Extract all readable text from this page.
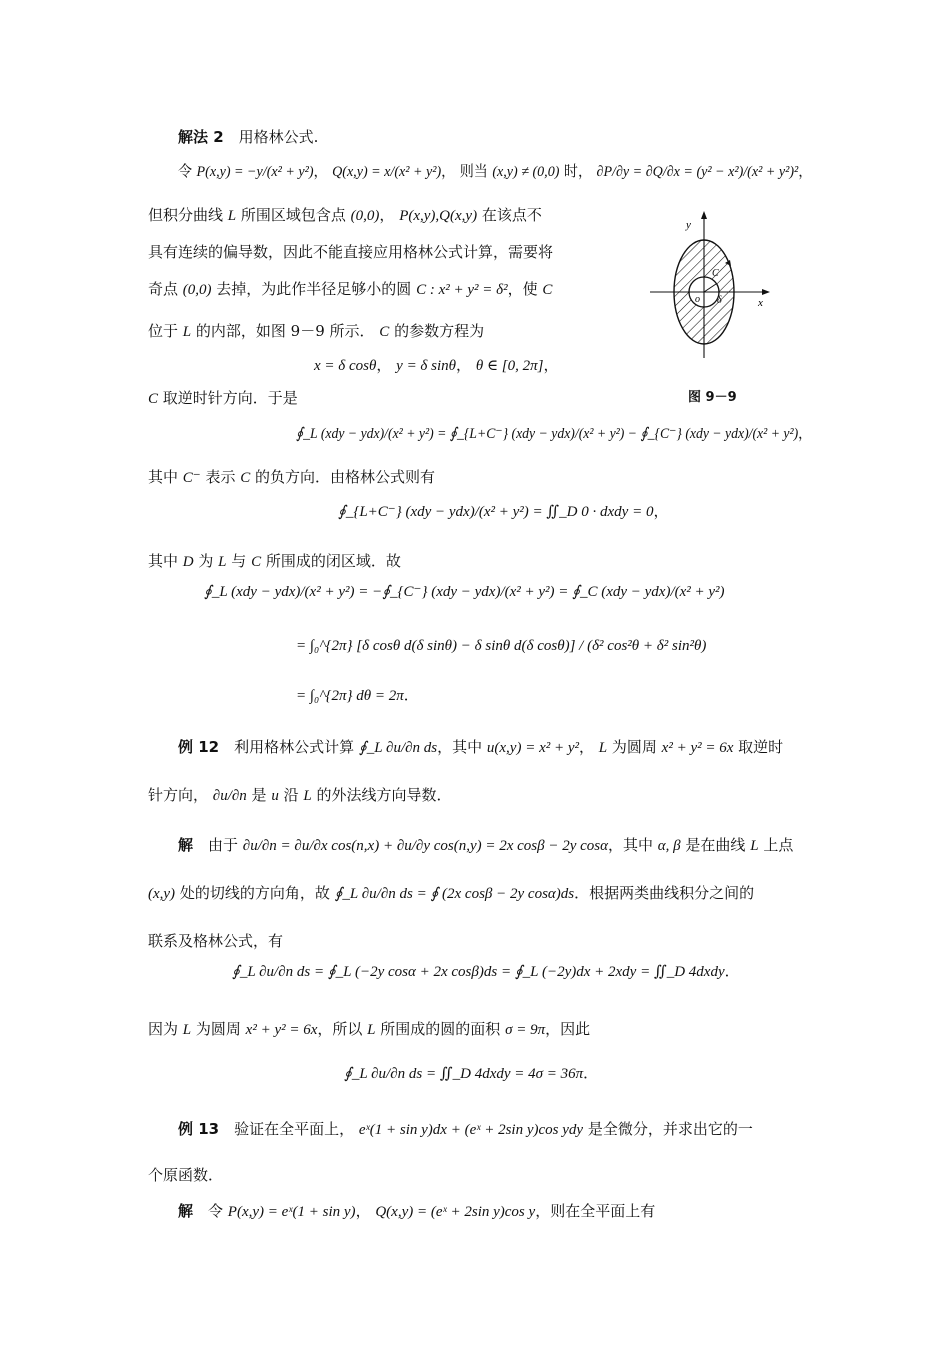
解法 2　用格林公式.
令 P(x,y) = −y/(x² + y²)， Q(x,y) = x/(x² + y²)， 则当 (x,y) ≠ (0,0) 时， ∂P/∂y = ∂Q/∂x = (y² − x²)/(x² + y²)²，
但积分曲线 L 所围区域包含点 (0,0)， P(x,y),Q(x,y) 在该点不
具有连续的偏导数，因此不能直接应用格林公式计算，需要将
奇点 (0,0) 去掉，为此作半径足够小的圆 C : x² + y² = δ²，使 C
位于 L 的内部，如图 9－9 所示． C 的参数方程为
x = δ cosθ， y = δ sinθ， θ ∈ [0, 2π]，
C 取逆时针方向．于是
∮_L (xdy − ydx)/(x² + y²) = ∮_{L+C⁻} (xdy − ydx)/(x² + y²) − ∮_{C⁻} (xdy − ydx)/(x² + y²)，
其中 C⁻ 表示 C 的负方向．由格林公式则有
∮_{L+C⁻} (xdy − ydx)/(x² + y²) = ∬_D 0 · dxdy = 0，
其中 D 为 L 与 C 所围成的闭区域．故
∮_L (xdy − ydx)/(x² + y²) = −∮_{C⁻} (xdy − ydx)/(x² + y²) = ∮_C (xdy − ydx)/(x² + y²)
= ∫₀^{2π} [δ cosθ d(δ sinθ) − δ sinθ d(δ cosθ)] / (δ² cos²θ + δ² sin²θ)
= ∫₀^{2π} dθ = 2π．
例 12　利用格林公式计算 ∮_L ∂u/∂n ds，其中 u(x,y) = x² + y²， L 为圆周 x² + y² = 6x 取逆时
针方向， ∂u/∂n 是 u 沿 L 的外法线方向导数．
解　由于 ∂u/∂n = ∂u/∂x cos(n,x) + ∂u/∂y cos(n,y) = 2x cosβ − 2y cosα，其中 α, β 是在曲线 L 上点
(x,y) 处的切线的方向角，故 ∮_L ∂u/∂n ds = ∮ (2x cosβ − 2y cosα)ds．根据两类曲线积分之间的
联系及格林公式，有
∮_L ∂u/∂n ds = ∮_L (−2y cosα + 2x cosβ)ds = ∮_L (−2y)dx + 2xdy = ∬_D 4dxdy．
因为 L 为圆周 x² + y² = 6x，所以 L 所围成的圆的面积 σ = 9π，因此
∮_L ∂u/∂n ds = ∬_D 4dxdy = 4σ = 36π．
例 13　验证在全平面上， eˣ(1 + sin y)dx + (eˣ + 2sin y)cos ydy 是全微分，并求出它的一
个原函数．
解　令 P(x,y) = eˣ(1 + sin y)， Q(x,y) = (eˣ + 2sin y)cos y，则在全平面上有
y
x
o
C
δ
图 9－9
